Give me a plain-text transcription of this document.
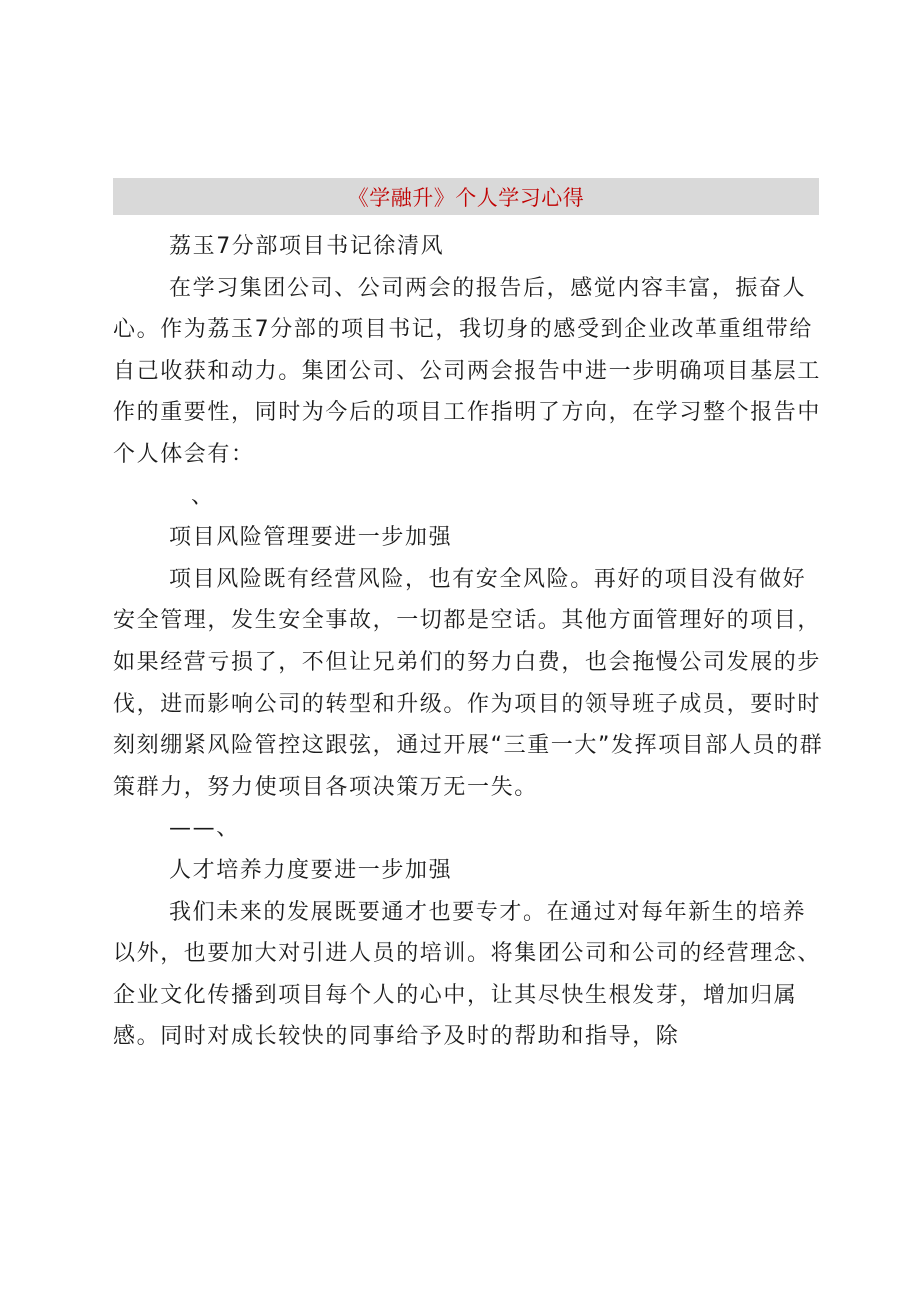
《学融升》个人学习心得

荔玉7分部项目书记徐清风

在学习集团公司、公司两会的报告后，感觉内容丰富，振奋人心。作为荔玉7分部的项目书记，我切身的感受到企业改革重组带给自己收获和动力。集团公司、公司两会报告中进一步明确项目基层工作的重要性，同时为今后的项目工作指明了方向，在学习整个报告中个人体会有：

、

项目风险管理要进一步加强

项目风险既有经营风险，也有安全风险。再好的项目没有做好安全管理，发生安全事故，一切都是空话。其他方面管理好的项目，如果经营亏损了，不但让兄弟们的努力白费，也会拖慢公司发展的步伐，进而影响公司的转型和升级。作为项目的领导班子成员，要时时刻刻绷紧风险管控这跟弦，通过开展“三重一大”发挥项目部人员的群策群力，努力使项目各项决策万无一失。

——、

人才培养力度要进一步加强

我们未来的发展既要通才也要专才。在通过对每年新生的培养以外，也要加大对引进人员的培训。将集团公司和公司的经营理念、企业文化传播到项目每个人的心中，让其尽快生根发芽，增加归属感。同时对成长较快的同事给予及时的帮助和指导，除
